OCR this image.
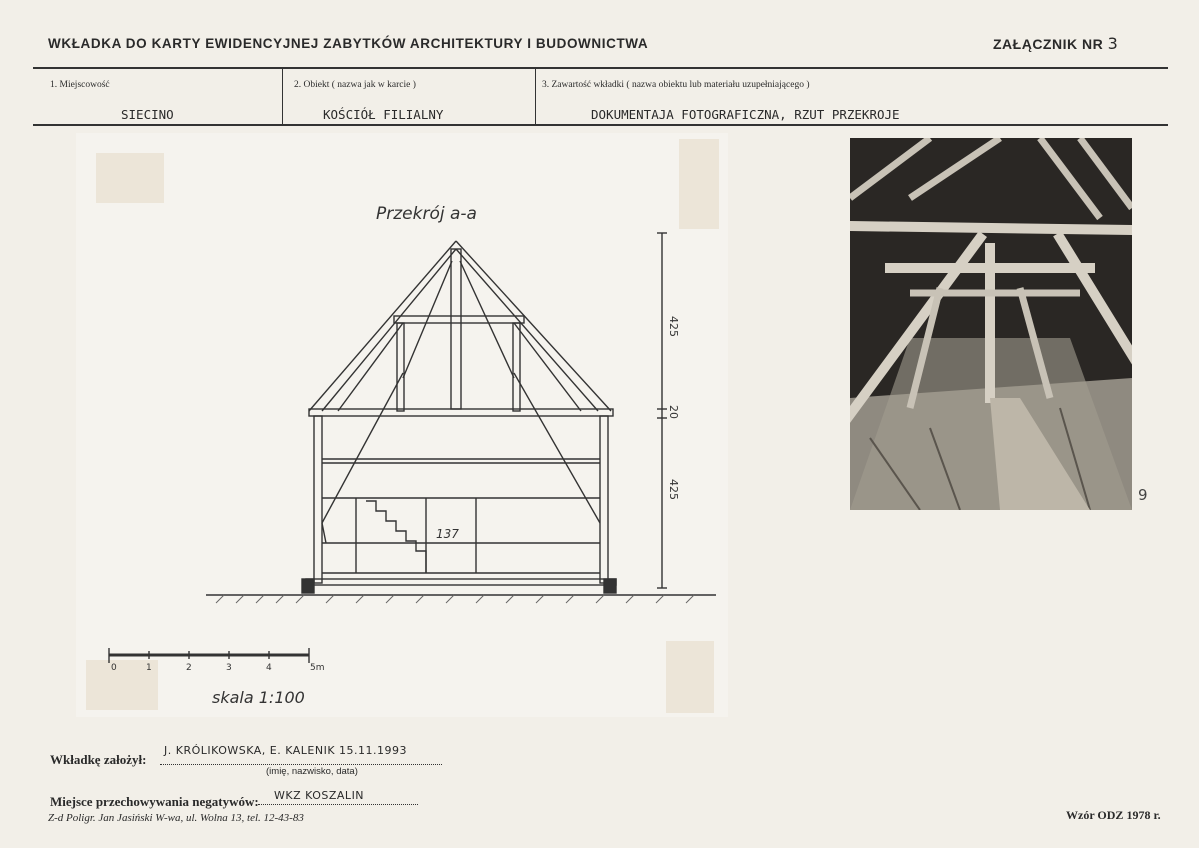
WKŁADKA DO KARTY EWIDENCYJNEJ ZABYTKÓW ARCHITEKTURY I BUDOWNICTWA	ZAŁĄCZNIK NR 3
1. Miejscowość
SIECINO
2. Obiekt ( nazwa jak w karcie )
KOŚCIÓŁ FILIALNY
3. Zawartość wkładki ( nazwa obiektu lub materiału uzupełniającego )
DOKUMENTAJA FOTOGRAFICZNA, RZUT PRZEKROJE
Przekrój a-a
425
20
425
137
0	1	2	3	4	5m
skala 1:100
9
Wkładkę założył:
J. KRÓLIKOWSKA, E. KALENIK 15.11.1993
(imię, nazwisko, data)
Miejsce przechowywania negatywów: WKZ KOSZALIN
Z-d Poligr. Jan Jasiński W-wa, ul. Wolna 13, tel. 12-43-83	Wzór ODZ 1978 r.
